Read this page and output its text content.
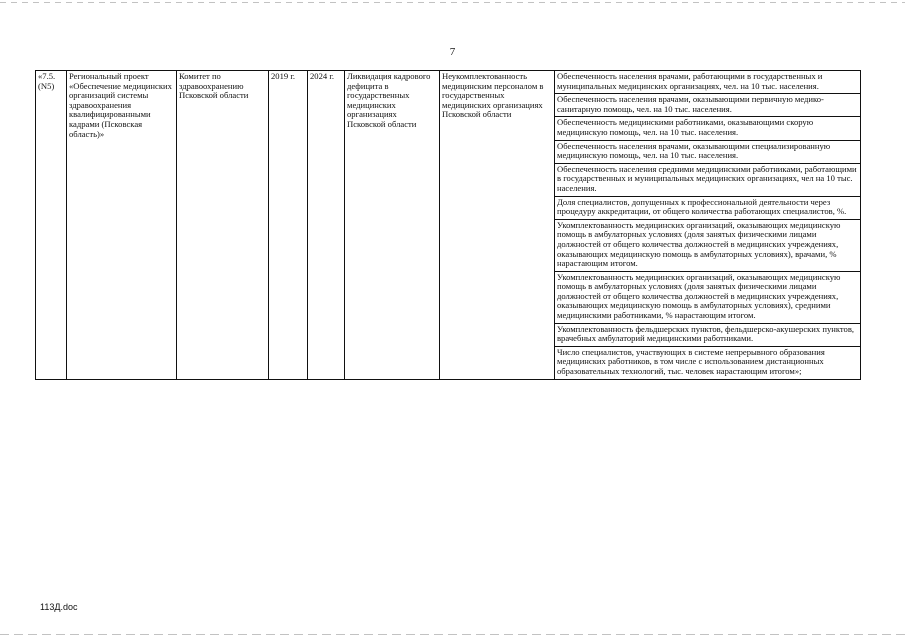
7
«7.5. (N5)	Региональный проект «Обеспечение медицинских организаций системы здравоохранения квалифицированными кадрами (Псковская область)»	Комитет по здравоохранению Псковской области	2019 г.	2024 г.	Ликвидация кадрового дефицита в государственных медицинских организациях Псковской области	Неукомплектованность медицинским персоналом в государственных медицинских организациях Псковской области	
Обеспеченность населения врачами, работающими в государственных и муниципальных медицинских организациях, чел. на 10 тыс. населения.
Обеспеченность населения врачами, оказывающими первичную медико-санитарную помощь, чел. на 10 тыс. населения.
Обеспеченность медицинскими работниками, оказывающими скорую медицинскую помощь, чел. на 10 тыс. населения.
Обеспеченность населения врачами, оказывающими специализированную медицинскую помощь, чел. на 10 тыс. населения.
Обеспеченность населения средними медицинскими работниками, работающими в государственных и муниципальных медицинских организациях, чел на 10 тыс. населения.
Доля специалистов, допущенных к профессиональной деятельности через процедуру аккредитации, от общего количества работающих специалистов, %.
Укомплектованность медицинских организаций, оказывающих медицинскую помощь в амбулаторных условиях (доля занятых физическими лицами должностей от общего количества должностей в медицинских учреждениях, оказывающих медицинскую помощь в амбулаторных условиях), врачами, % нарастающим итогом.
Укомплектованность медицинских организаций, оказывающих медицинскую помощь в амбулаторных условиях (доля занятых физическими лицами должностей от общего количества должностей в медицинских учреждениях, оказывающих медицинскую помощь в амбулаторных условиях), средними медицинскими работниками, % нарастающим итогом.
Укомплектованность фельдшерских пунктов, фельдшерско-акушерских пунктов, врачебных амбулаторий медицинскими работниками.
Число специалистов, участвующих в системе непрерывного образования медицинских работников, в том числе с использованием дистанционных образовательных технологий, тыс. человек нарастающим итогом»;
113Д.doc
